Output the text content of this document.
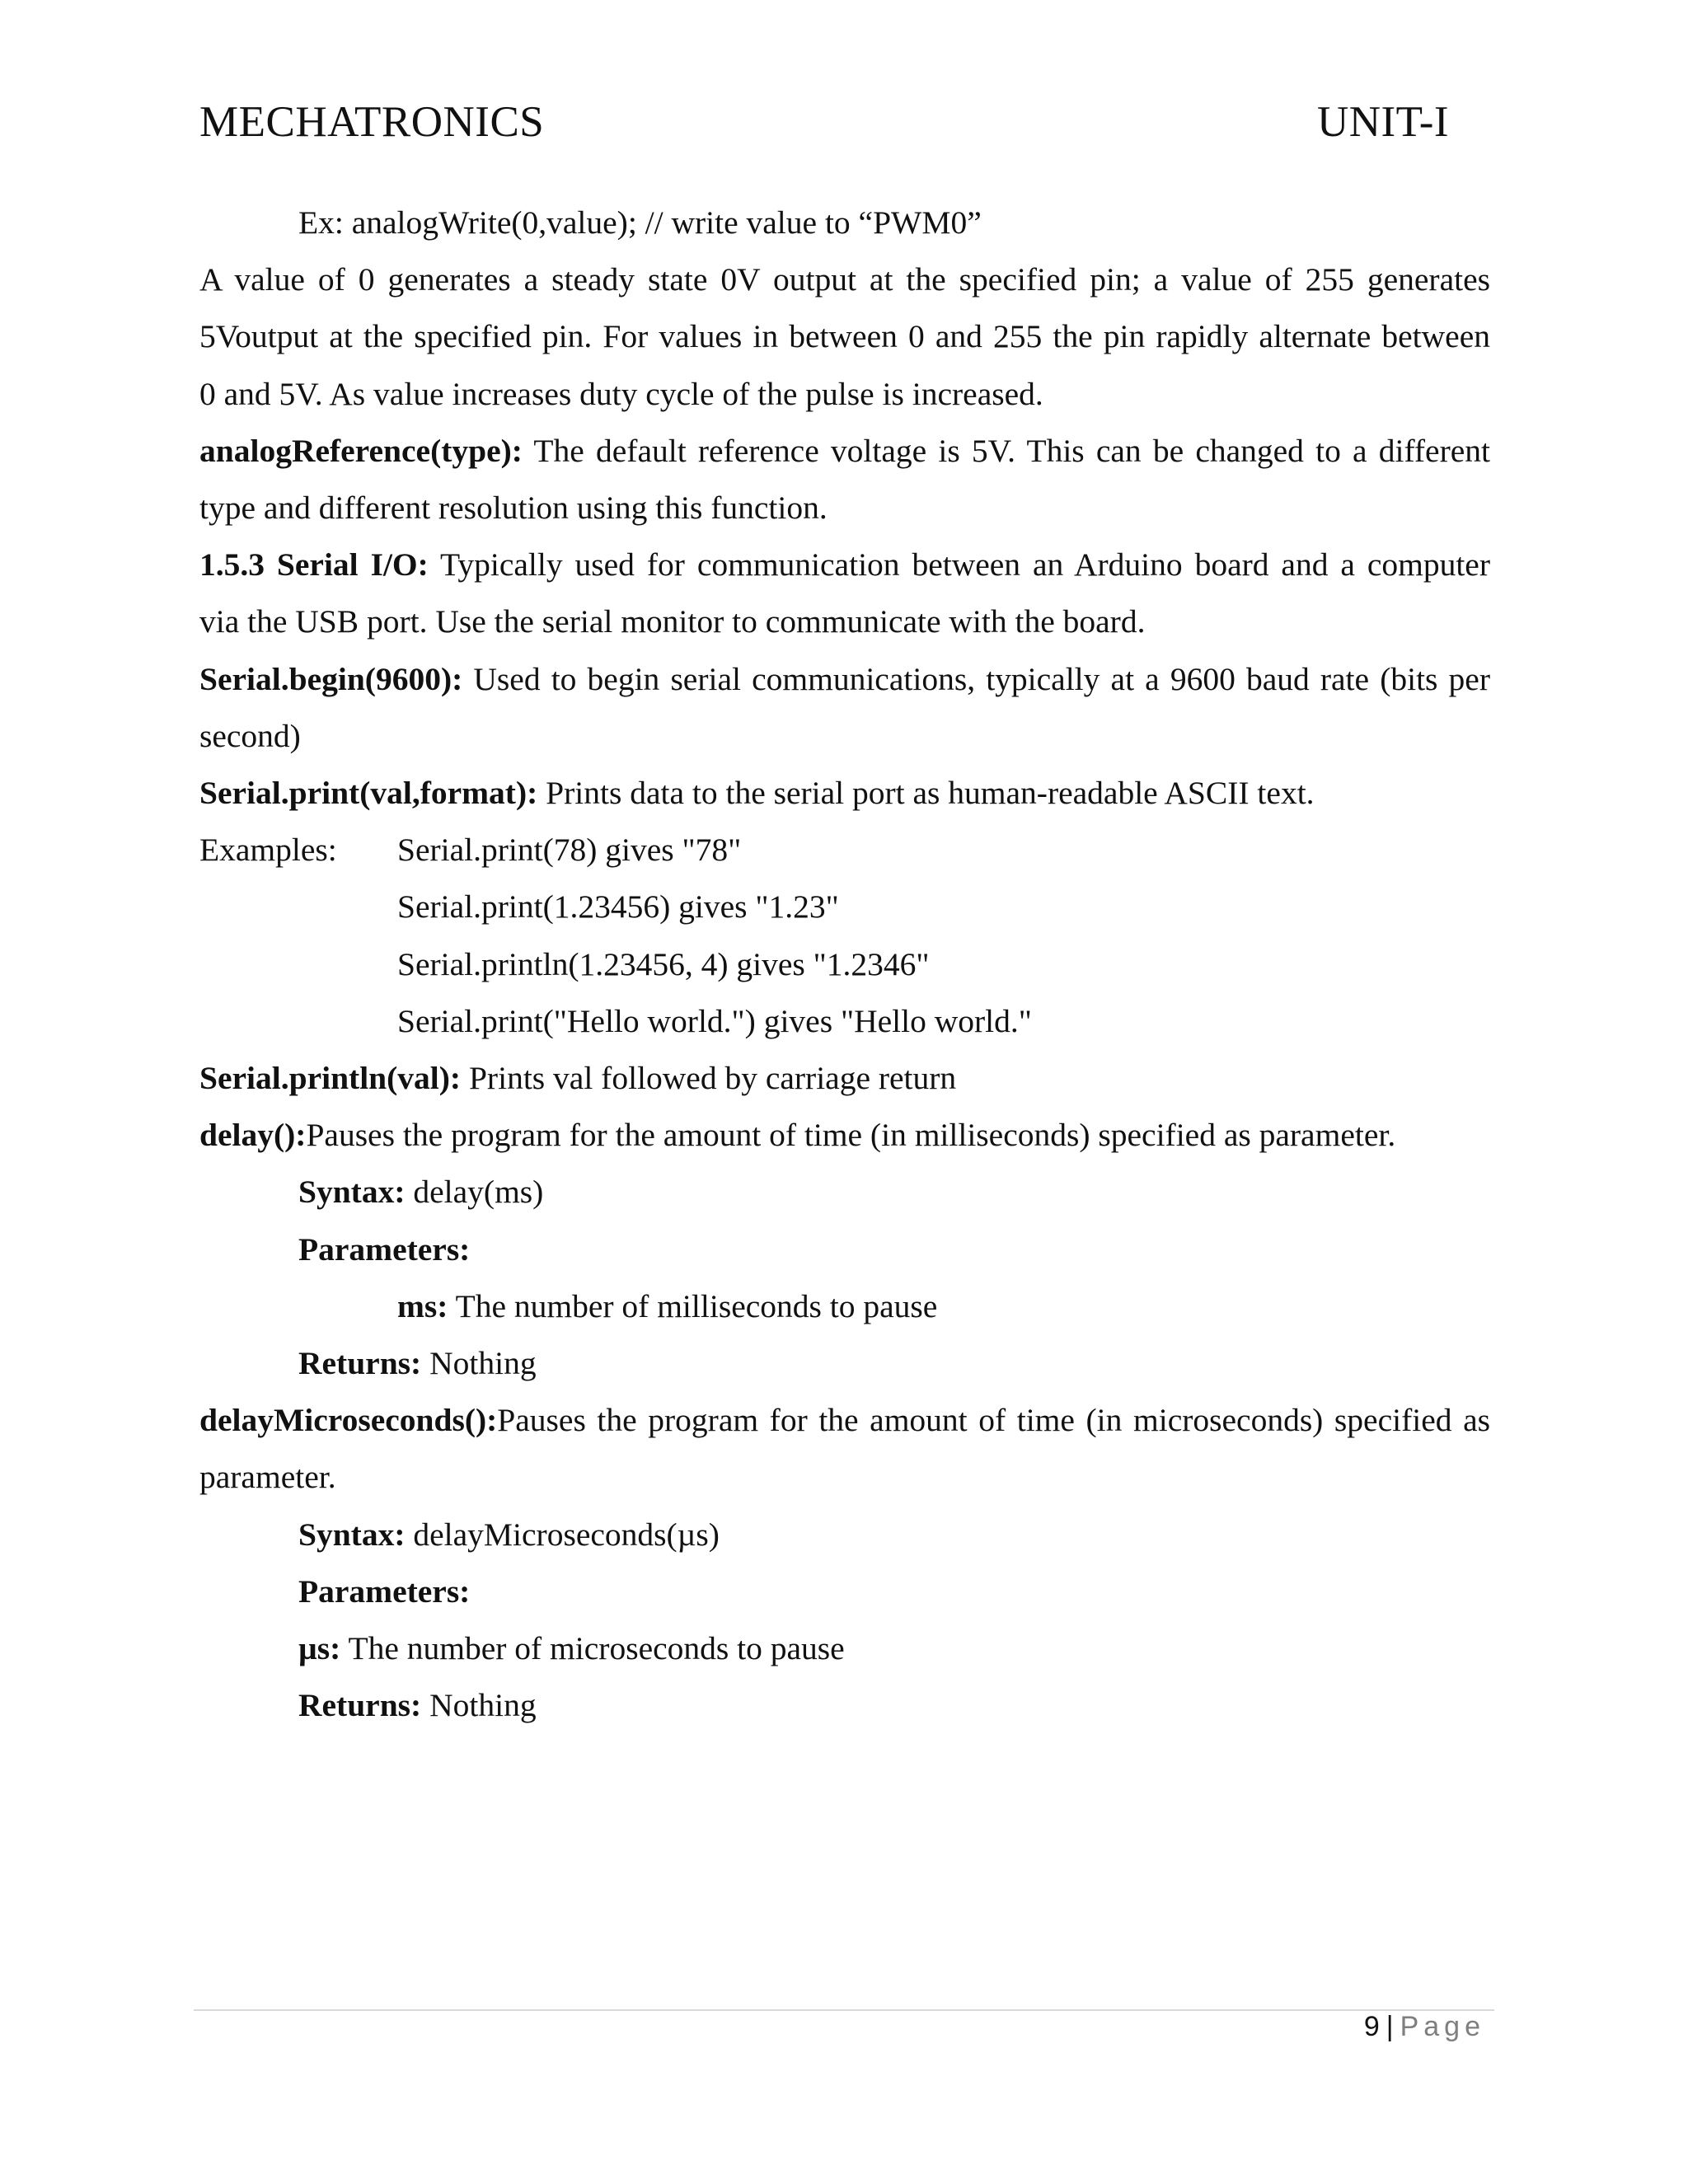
MECHATRONICS	UNIT-I
Ex: analogWrite(0,value); // write value to “PWM0”
A value of 0 generates a steady state 0V output at the specified pin; a value of 255 generates
5Voutput at the specified pin. For values in between 0 and 255 the pin rapidly alternate between
0 and 5V. As value increases duty cycle of the pulse is increased.
analogReference(type): The default reference voltage is 5V. This can be changed to a different
type and different resolution using this function.
1.5.3 Serial I/O: Typically used for communication between an Arduino board and a computer
via the USB port. Use the serial monitor to communicate with the board.
Serial.begin(9600): Used to begin serial communications, typically at a 9600 baud rate (bits per
second)
Serial.print(val,format): Prints data to the serial port as human-readable ASCII text.
Examples:	Serial.print(78) gives "78"
Serial.print(1.23456) gives "1.23"
Serial.println(1.23456, 4) gives "1.2346"
Serial.print("Hello world.") gives "Hello world."
Serial.println(val): Prints val followed by carriage return
delay():Pauses the program for the amount of time (in milliseconds) specified as parameter.
Syntax: delay(ms)
Parameters:
ms: The number of milliseconds to pause
Returns: Nothing
delayMicroseconds():Pauses the program for the amount of time (in microseconds) specified as
parameter.
Syntax: delayMicroseconds(µs)
Parameters:
µs: The number of microseconds to pause
Returns: Nothing
9 | Page
